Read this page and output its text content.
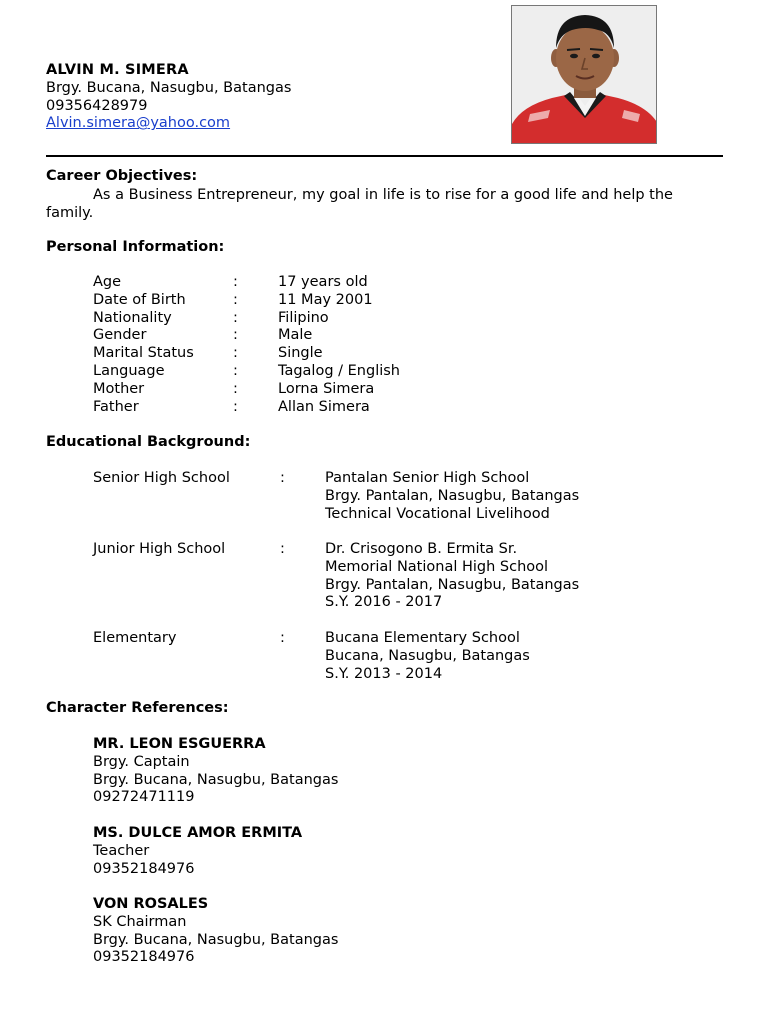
ALVIN M. SIMERA
Brgy. Bucana, Nasugbu, Batangas
09356428979
Alvin.simera@yahoo.com
Career Objectives:
As a Business Entrepreneur, my goal in life is to rise for a good life and help the family.
Personal Information:
Age	:	17 years old
Date of Birth	:	11 May 2001
Nationality	:	Filipino
Gender	:	Male
Marital Status	:	Single
Language	:	Tagalog / English
Mother	:	Lorna Simera
Father	:	Allan Simera
Educational Background:
Senior High School	:	Pantalan Senior High School
Brgy. Pantalan, Nasugbu, Batangas
Technical Vocational Livelihood
Junior High School	:	Dr. Crisogono B. Ermita Sr.
Memorial National High School
Brgy. Pantalan, Nasugbu, Batangas
S.Y. 2016 - 2017
Elementary	:	Bucana Elementary School
Bucana, Nasugbu, Batangas
S.Y. 2013 - 2014
Character References:
MR. LEON ESGUERRA
Brgy. Captain
Brgy. Bucana, Nasugbu, Batangas
09272471119
MS. DULCE AMOR ERMITA
Teacher
09352184976
VON ROSALES
SK Chairman
Brgy. Bucana, Nasugbu, Batangas
09352184976
